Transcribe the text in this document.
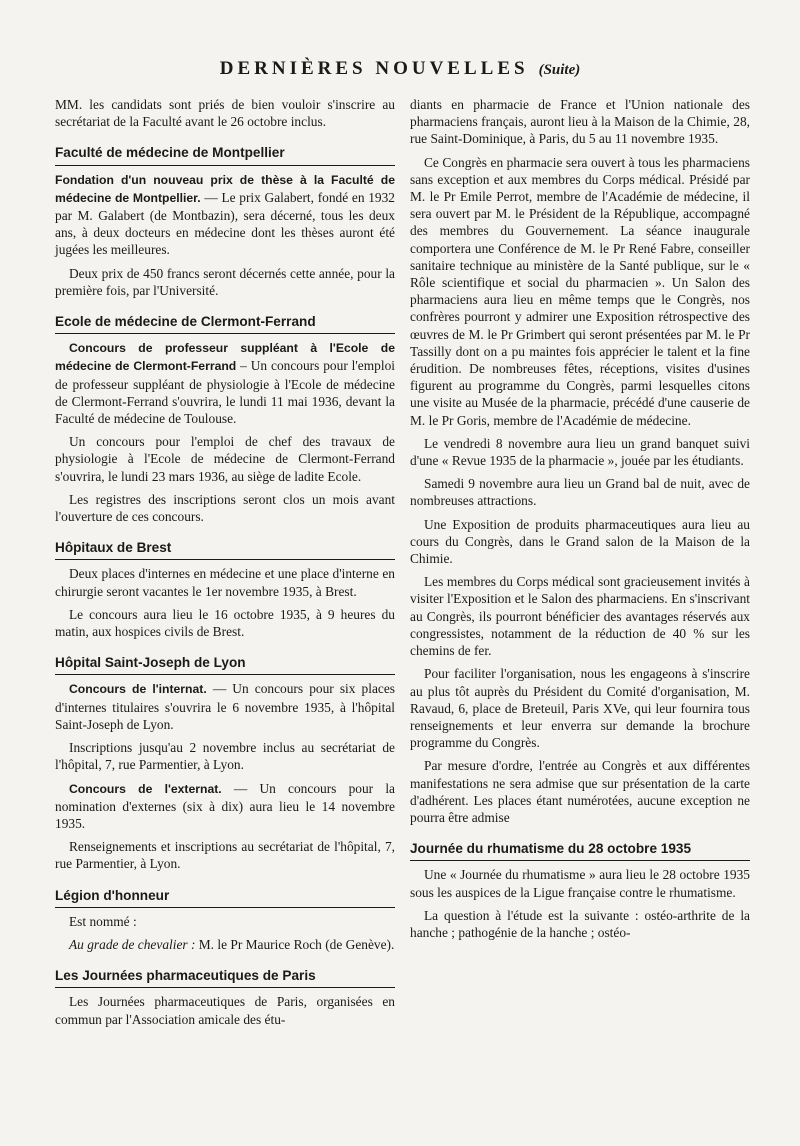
DERNIÈRES NOUVELLES (Suite)

MM. les candidats sont priés de bien vouloir s'inscrire au secrétariat de la Faculté avant le 26 octobre inclus.

Faculté de médecine de Montpellier

Fondation d'un nouveau prix de thèse à la Faculté de médecine de Montpellier. — Le prix Galabert, fondé en 1932 par M. Galabert (de Montbazin), sera décerné, tous les deux ans, à deux docteurs en médecine dont les thèses auront été jugées les meilleures.

Deux prix de 450 francs seront décernés cette année, pour la première fois, par l'Université.

Ecole de médecine de Clermont-Ferrand

Concours de professeur suppléant à l'Ecole de médecine de Clermont-Ferrand – Un concours pour l'emploi de professeur suppléant de physiologie à l'Ecole de médecine de Clermont-Ferrand s'ouvrira, le lundi 11 mai 1936, devant la Faculté de médecine de Toulouse.

Un concours pour l'emploi de chef des travaux de physiologie à l'Ecole de médecine de Clermont-Ferrand s'ouvrira, le lundi 23 mars 1936, au siège de ladite Ecole.

Les registres des inscriptions seront clos un mois avant l'ouverture de ces concours.

Hôpitaux de Brest

Deux places d'internes en médecine et une place d'interne en chirurgie seront vacantes le 1er novembre 1935, à Brest.

Le concours aura lieu le 16 octobre 1935, à 9 heures du matin, aux hospices civils de Brest.

Hôpital Saint-Joseph de Lyon

Concours de l'internat. — Un concours pour six places d'internes titulaires s'ouvrira le 6 novembre 1935, à l'hôpital Saint-Joseph de Lyon.

Inscriptions jusqu'au 2 novembre inclus au secrétariat de l'hôpital, 7, rue Parmentier, à Lyon.

Concours de l'externat. — Un concours pour la nomination d'externes (six à dix) aura lieu le 14 novembre 1935.

Renseignements et inscriptions au secrétariat de l'hôpital, 7, rue Parmentier, à Lyon.

Légion d'honneur

Est nommé :

Au grade de chevalier : M. le Pr Maurice Roch (de Genève).

Les Journées pharmaceutiques de Paris

Les Journées pharmaceutiques de Paris, organisées en commun par l'Association amicale des étu-

diants en pharmacie de France et l'Union nationale des pharmaciens français, auront lieu à la Maison de la Chimie, 28, rue Saint-Dominique, à Paris, du 5 au 11 novembre 1935.

Ce Congrès en pharmacie sera ouvert à tous les pharmaciens sans exception et aux membres du Corps médical. Présidé par M. le Pr Emile Perrot, membre de l'Académie de médecine, il sera ouvert par M. le Président de la République, accompagné des membres du Gouvernement. La séance inaugurale comportera une Conférence de M. le Pr René Fabre, conseiller sanitaire technique au ministère de la Santé publique, sur le « Rôle scientifique et social du pharmacien ». Un Salon des pharmaciens aura lieu en même temps que le Congrès, nos confrères pourront y admirer une Exposition rétrospective des œuvres de M. le Pr Grimbert qui seront présentées par M. le Pr Tassilly dont on a pu maintes fois apprécier le talent et la fine érudition. De nombreuses fêtes, réceptions, visites d'usines figurent au programme du Congrès, parmi lesquelles citons une visite au Musée de la pharmacie, précédé d'une causerie de M. le Pr Goris, membre de l'Académie de médecine.

Le vendredi 8 novembre aura lieu un grand banquet suivi d'une « Revue 1935 de la pharmacie », jouée par les étudiants.

Samedi 9 novembre aura lieu un Grand bal de nuit, avec de nombreuses attractions.

Une Exposition de produits pharmaceutiques aura lieu au cours du Congrès, dans le Grand salon de la Maison de la Chimie.

Les membres du Corps médical sont gracieusement invités à visiter l'Exposition et le Salon des pharmaciens. En s'inscrivant au Congrès, ils pourront bénéficier des avantages réservés aux congressistes, notamment de la réduction de 40 % sur les chemins de fer.

Pour faciliter l'organisation, nous les engageons à s'inscrire au plus tôt auprès du Président du Comité d'organisation, M. Ravaud, 6, place de Breteuil, Paris XVe, qui leur fournira tous renseignements et leur enverra sur demande la brochure programme du Congrès.

Par mesure d'ordre, l'entrée au Congrès et aux différentes manifestations ne sera admise que sur présentation de la carte d'adhérent. Les places étant numérotées, aucune exception ne pourra être admise

Journée du rhumatisme du 28 octobre 1935

Une « Journée du rhumatisme » aura lieu le 28 octobre 1935 sous les auspices de la Ligue française contre le rhumatisme.

La question à l'étude est la suivante : ostéo-arthrite de la hanche ; pathogénie de la hanche ; ostéo-
